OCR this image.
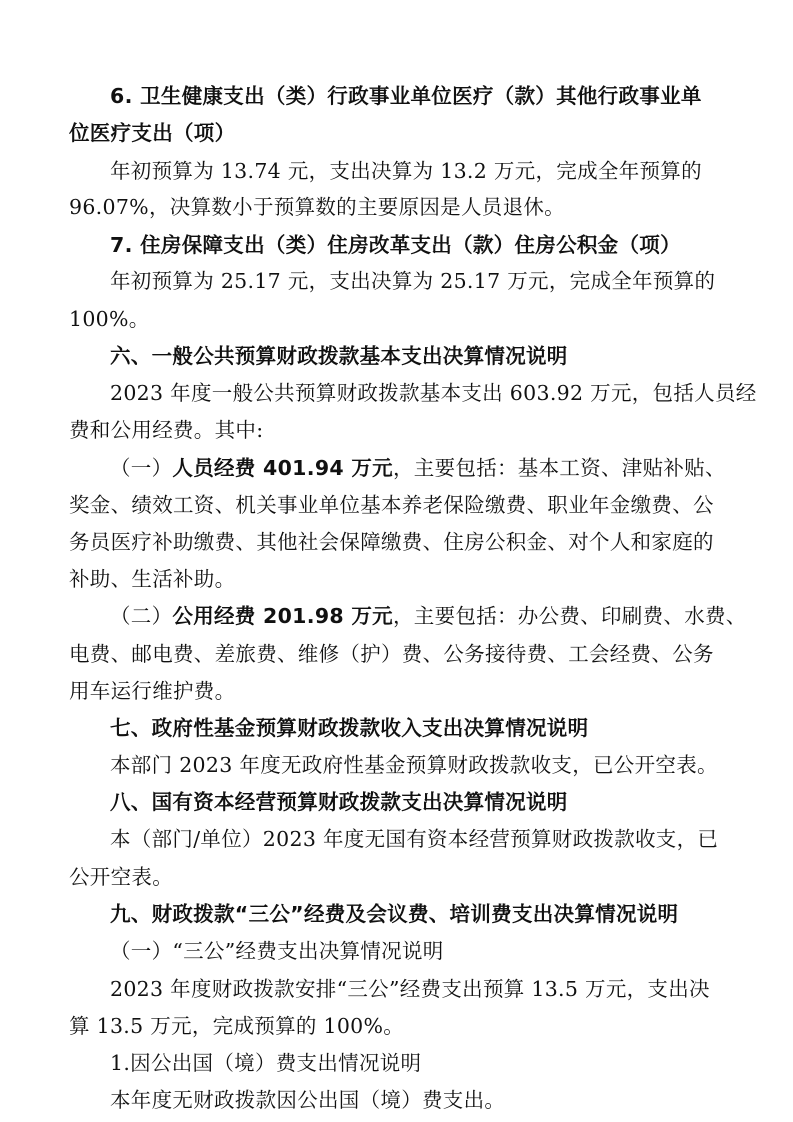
6. 卫生健康支出（类）行政事业单位医疗（款）其他行政事业单
位医疗支出（项）
年初预算为 13.74 元，支出决算为 13.2 万元，完成全年预算的
96.07%，决算数小于预算数的主要原因是人员退休。
7. 住房保障支出（类）住房改革支出（款）住房公积金（项）
年初预算为 25.17 元，支出决算为 25.17 万元，完成全年预算的
100%。
六、一般公共预算财政拨款基本支出决算情况说明
2023 年度一般公共预算财政拨款基本支出 603.92 万元，包括人员经
费和公用经费。其中:
（一）人员经费 401.94 万元，主要包括：基本工资、津贴补贴、
奖金、绩效工资、机关事业单位基本养老保险缴费、职业年金缴费、公
务员医疗补助缴费、其他社会保障缴费、住房公积金、对个人和家庭的
补助、生活补助。
（二）公用经费 201.98 万元，主要包括：办公费、印刷费、水费、
电费、邮电费、差旅费、维修（护）费、公务接待费、工会经费、公务
用车运行维护费。
七、政府性基金预算财政拨款收入支出决算情况说明
本部门 2023 年度无政府性基金预算财政拨款收支，已公开空表。
八、国有资本经营预算财政拨款支出决算情况说明
本（部门/单位）2023 年度无国有资本经营预算财政拨款收支，已
公开空表。
九、财政拨款“三公”经费及会议费、培训费支出决算情况说明
（一）“三公”经费支出决算情况说明
2023 年度财政拨款安排“三公”经费支出预算 13.5 万元，支出决
算 13.5 万元，完成预算的 100%。
1.因公出国（境）费支出情况说明
本年度无财政拨款因公出国（境）费支出。
